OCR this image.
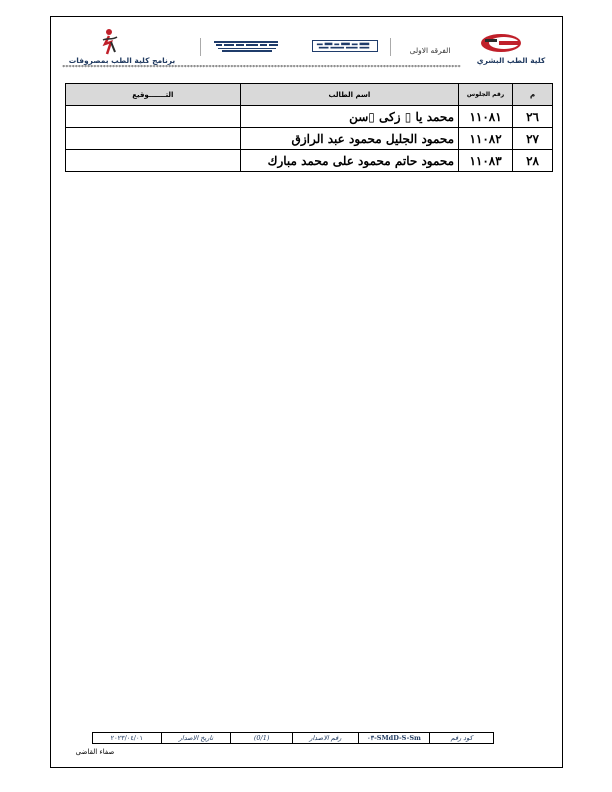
كلية الطب البشري
الفرقه الاولى
برنامج كلية الطب بمصروفات
********************************************************************************************************************************
م	رقم الجلوس	اسم الطالب	التـــــــوقيع
٢٦	١١٠٨١	محمد يا ▯ زكى ▯سن	
٢٧	١١٠٨٢	محمود الجليل محمود عبد الرازق	
٢٨	١١٠٨٣	محمود حاتم محمود على محمد مبارك	
كود رقم
SMdD-S-Sm-٠٣
رقم الاصدار
(0/1)
تاريخ الاصدار
٢٠٢٣/٠٤/٠١
صفاء القاضى
